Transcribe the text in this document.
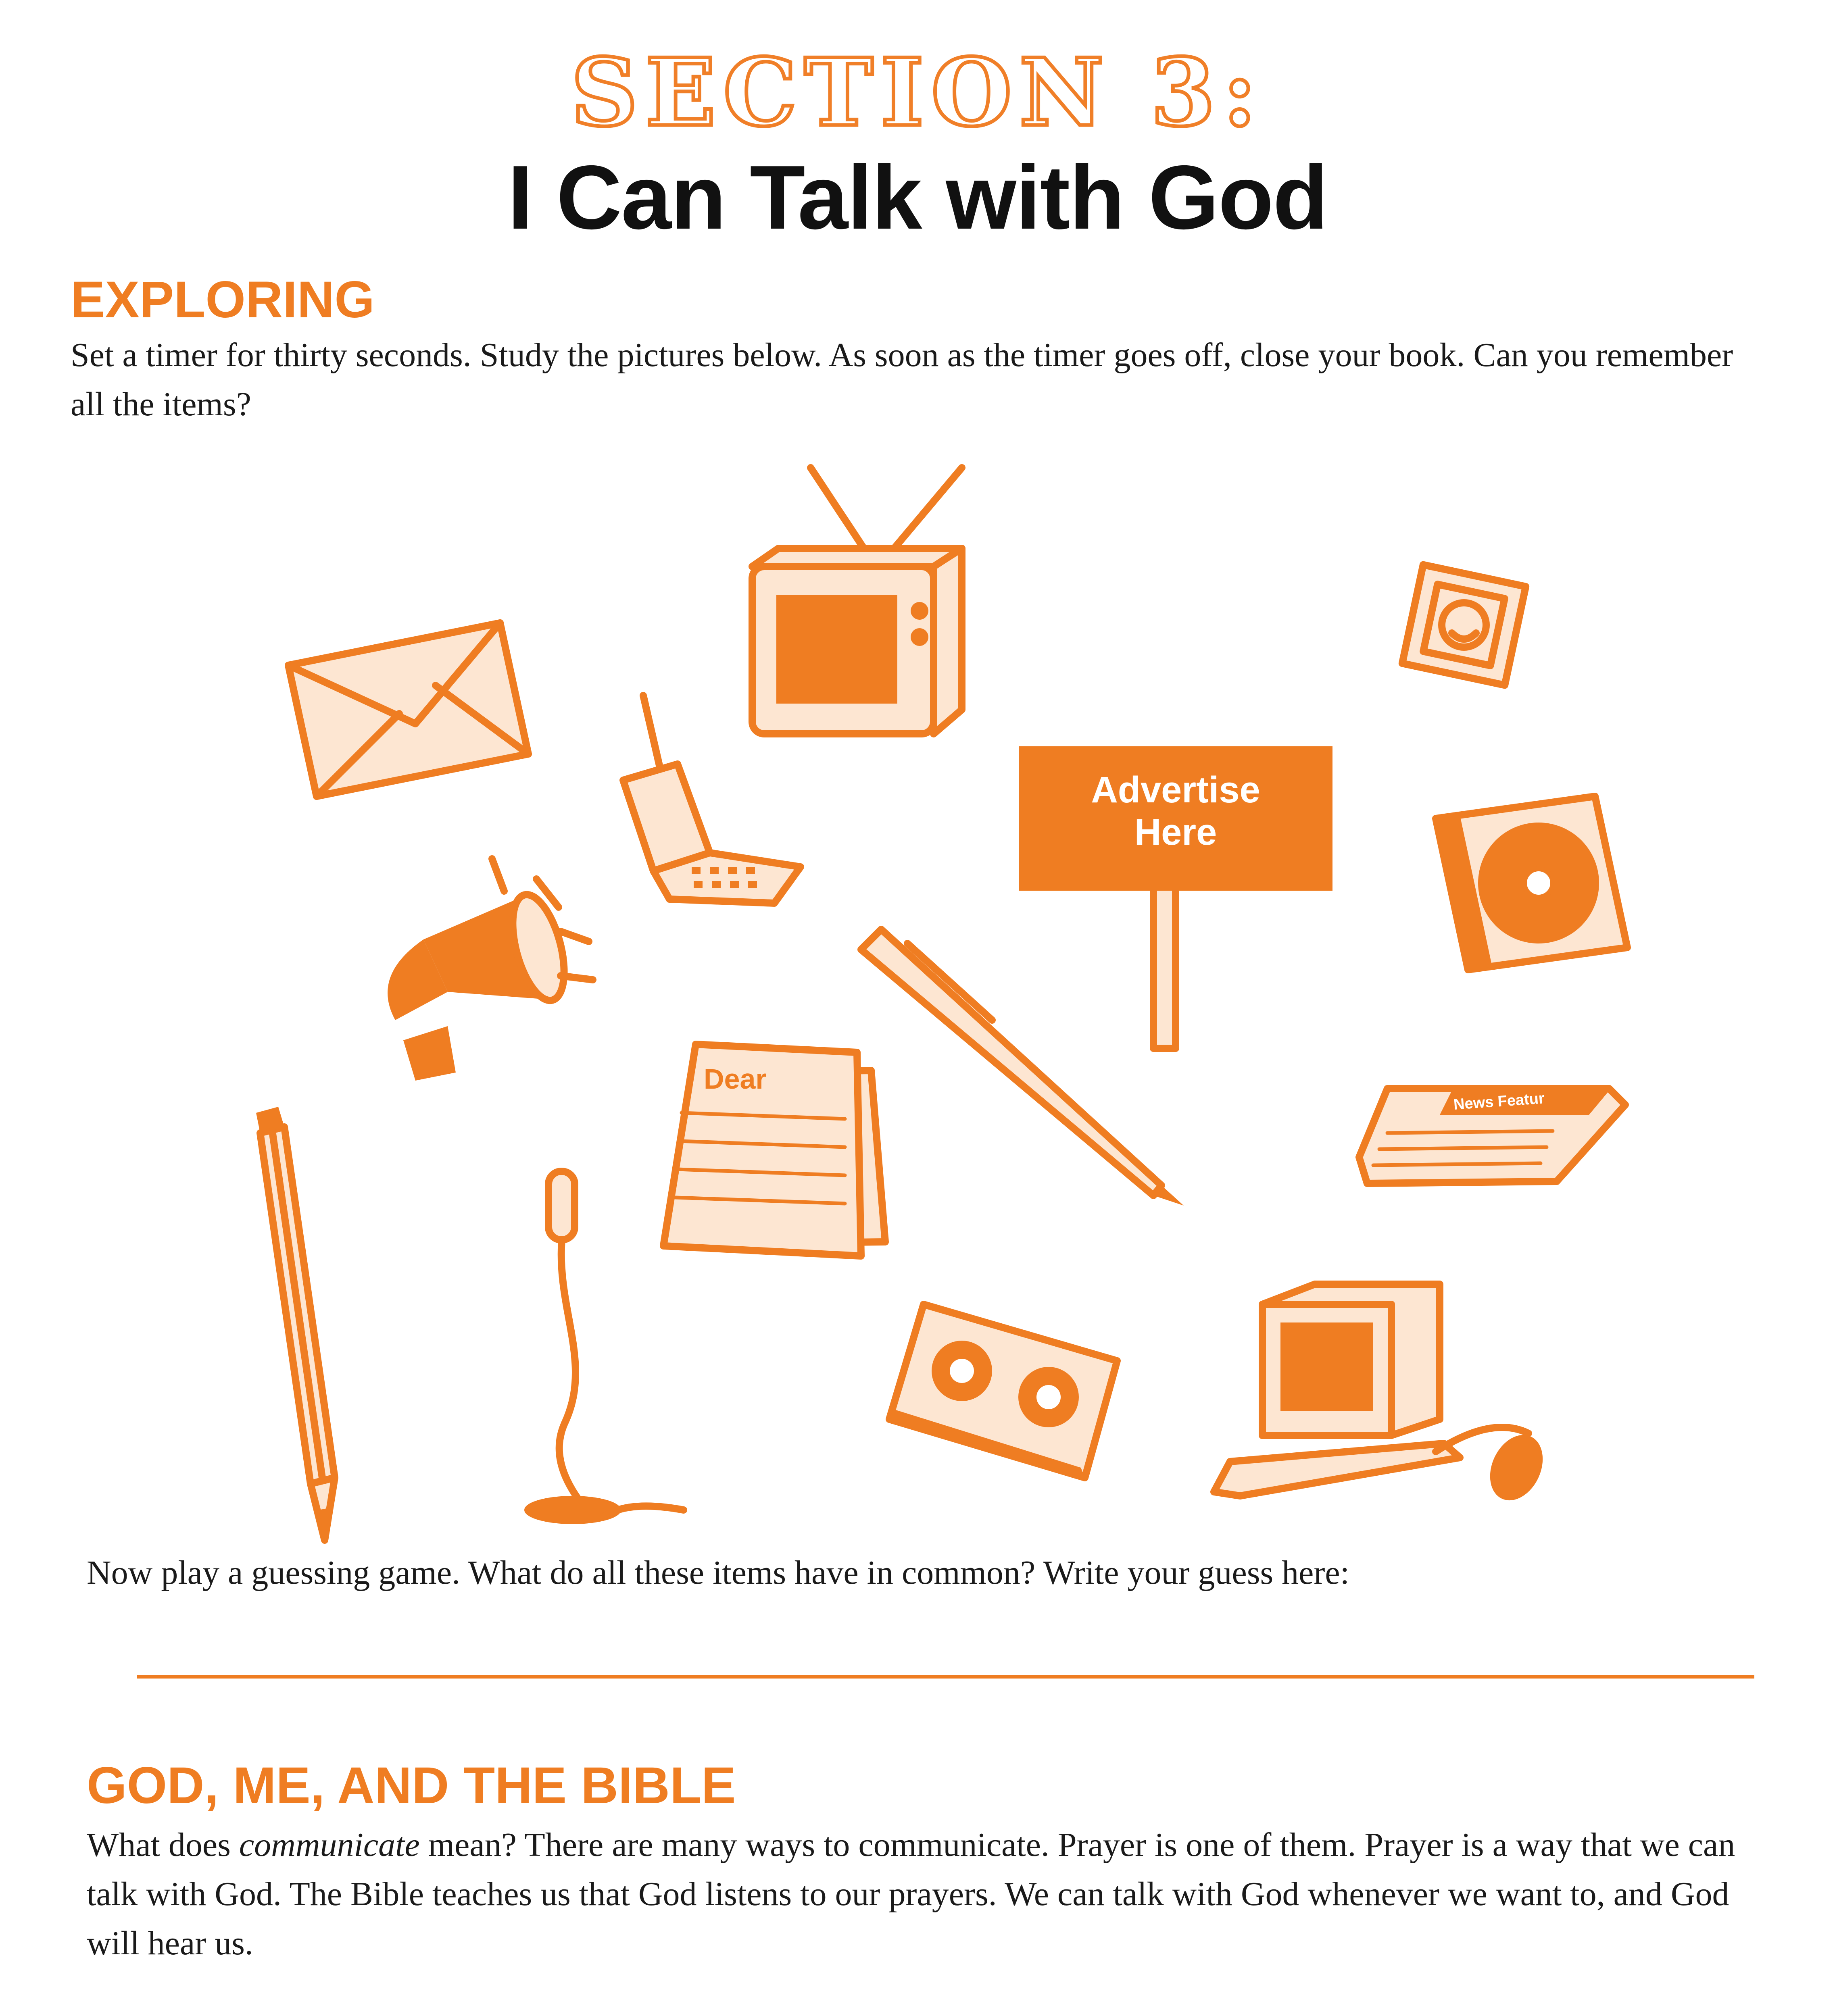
SECTION 3:
I Can Talk with God
EXPLORING
Set a timer for thirty seconds. Study the pictures below. As soon as the timer goes off, close your book. Can you remember all the items?
Advertise
Here
Dear
News Featur
Now play a guessing game. What do all these items have in common? Write your guess here:
GOD, ME, AND THE BIBLE
What does communicate mean? There are many ways to communicate. Prayer is one of them. Prayer is a way that we can talk with God. The Bible teaches us that God listens to our prayers. We can talk with God whenever we want to, and God will hear us.
